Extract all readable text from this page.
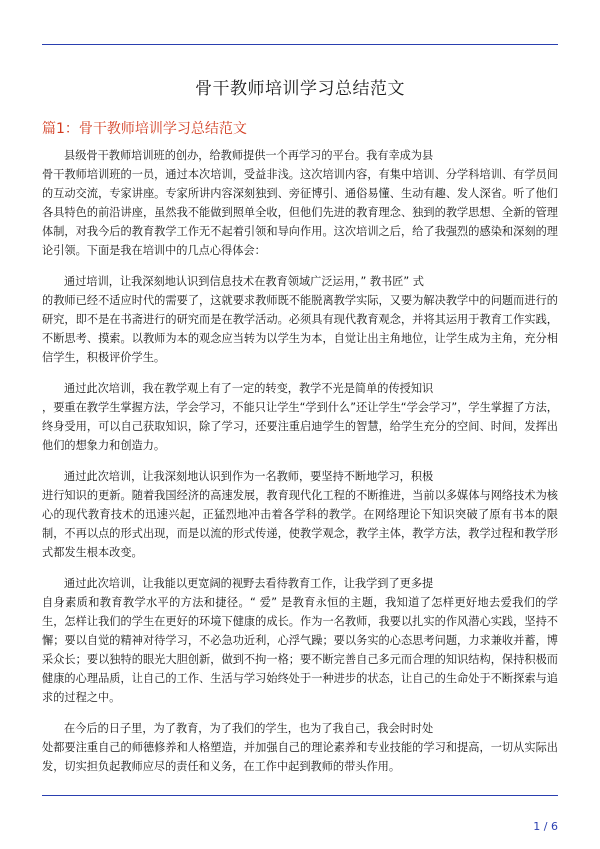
骨干教师培训学习总结范文
篇1：骨干教师培训学习总结范文

县级骨干教师培训班的创办，给教师提供一个再学习的平台。我有幸成为县
骨干教师培训班的一员，通过本次培训，受益非浅。这次培训内容，有集中培训、分学科培训、有学员间的互动交流，专家讲座。专家所讲内容深刻独到、旁征博引、通俗易懂、生动有趣、发人深省。听了他们各具特色的前沿讲座，虽然我不能做到照单全收，但他们先进的教育理念、独到的教学思想、全新的管理体制，对我今后的教育教学工作无不起着引领和导向作用。这次培训之后，给了我强烈的感染和深刻的理论引领。下面是我在培训中的几点心得体会：

通过培训，让我深刻地认识到信息技术在教育领域广泛运用，” 教书匠” 式
的教师已经不适应时代的需要了，这就要求教师既不能脱离教学实际，又要为解决教学中的问题而进行的研究，即不是在书斋进行的研究而是在教学活动。必须具有现代教育观念，并将其运用于教育工作实践，不断思考、摸索。以教师为本的观念应当转为以学生为本，自觉让出主角地位，让学生成为主角，充分相信学生，积极评价学生。

通过此次培训，我在教学观上有了一定的转变，教学不光是简单的传授知识
，要重在教学生掌握方法，学会学习，不能只让学生“学到什么”还让学生“学会学习”，学生掌握了方法，终身受用，可以自己获取知识，除了学习，还要注重启迪学生的智慧，给学生充分的空间、时间，发挥出他们的想象力和创造力。

通过此次培训，让我深刻地认识到作为一名教师，要坚持不断地学习，积极
进行知识的更新。随着我国经济的高速发展，教育现代化工程的不断推进，当前以多媒体与网络技术为核心的现代教育技术的迅速兴起，正猛烈地冲击着各学科的教学。在网络理论下知识突破了原有书本的限制，不再以点的形式出现，而是以流的形式传递，使教学观念，教学主体，教学方法，教学过程和教学形式都发生根本改变。

通过此次培训，让我能以更宽阔的视野去看待教育工作，让我学到了更多提
自身素质和教育教学水平的方法和捷径。“ 爱” 是教育永恒的主题，我知道了怎样更好地去爱我们的学生，怎样让我们的学生在更好的环境下健康的成长。作为一名教师，我要以扎实的作风潜心实践，坚持不懈；要以自觉的精神对待学习，不必急功近利，心浮气躁；要以务实的心态思考问题，力求兼收并蓄，博采众长；要以独特的眼光大胆创新，做到不拘一格；要不断完善自己多元而合理的知识结构，保持积极而健康的心理品质，让自己的工作、生活与学习始终处于一种进步的状态，让自己的生命处于不断探索与追求的过程之中。

在今后的日子里，为了教育，为了我们的学生，也为了我自己，我会时时处
处都要注重自己的师德修养和人格塑造，并加强自己的理论素养和专业技能的学习和提高，一切从实际出发，切实担负起教师应尽的责任和义务，在工作中起到教师的带头作用。

1 / 6
